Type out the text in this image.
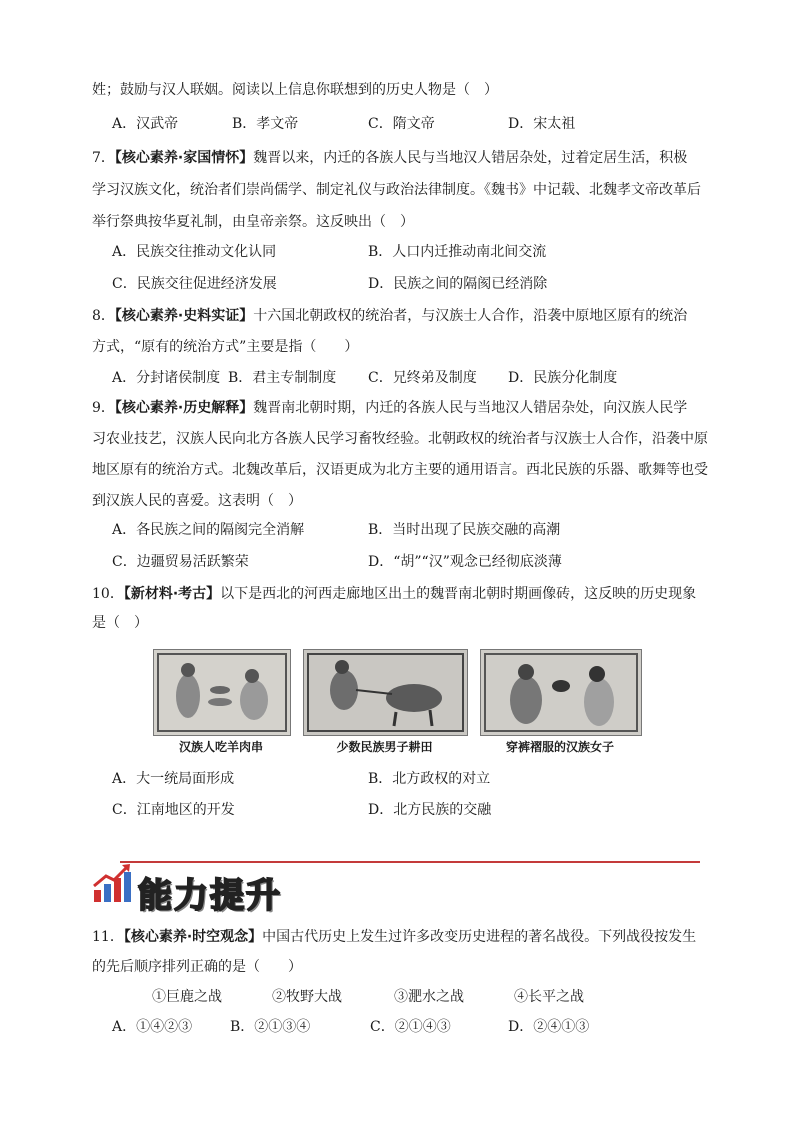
姓；鼓励与汉人联姻。阅读以上信息你联想到的历史人物是（　）
A．汉武帝	B．孝文帝	C．隋文帝	D．宋太祖
7．【核心素养·家国情怀】魏晋以来，内迁的各族人民与当地汉人错居杂处，过着定居生活，积极
学习汉族文化，统治者们崇尚儒学、制定礼仪与政治法律制度。《魏书》中记载、北魏孝文帝改革后
举行祭典按华夏礼制，由皇帝亲祭。这反映出（　）
A．民族交往推动文化认同	B．人口内迁推动南北间交流
C．民族交往促进经济发展	D．民族之间的隔阂已经消除
8．【核心素养·史料实证】十六国北朝政权的统治者，与汉族士人合作，沿袭中原地区原有的统治
方式，“原有的统治方式”主要是指（　　）
A．分封诸侯制度 B．君主专制制度 C．兄终弟及制度 D．民族分化制度
9．【核心素养·历史解释】魏晋南北朝时期，内迁的各族人民与当地汉人错居杂处，向汉族人民学
习农业技艺，汉族人民向北方各族人民学习畜牧经验。北朝政权的统治者与汉族士人合作，沿袭中原
地区原有的统治方式。北魏改革后，汉语更成为北方主要的通用语言。西北民族的乐器、歌舞等也受
到汉族人民的喜爱。这表明（　）
A．各民族之间的隔阂完全消解	B．当时出现了民族交融的高潮
C．边疆贸易活跃繁荣	D．“胡”“汉”观念已经彻底淡薄
10．【新材料·考古】以下是西北的河西走廊地区出土的魏晋南北朝时期画像砖，这反映的历史现象
是（　）
汉族人吃羊肉串	少数民族男子耕田	穿裤褶服的汉族女子
A．大一统局面形成	B．北方政权的对立
C．江南地区的开发	D．北方民族的交融
能力提升
11．【核心素养·时空观念】中国古代历史上发生过许多改变历史进程的著名战役。下列战役按发生
的先后顺序排列正确的是（　　）
①巨鹿之战	②牧野大战	③淝水之战	④长平之战
A．①④②③	B．②①③④	C．②①④③	D．②④①③
